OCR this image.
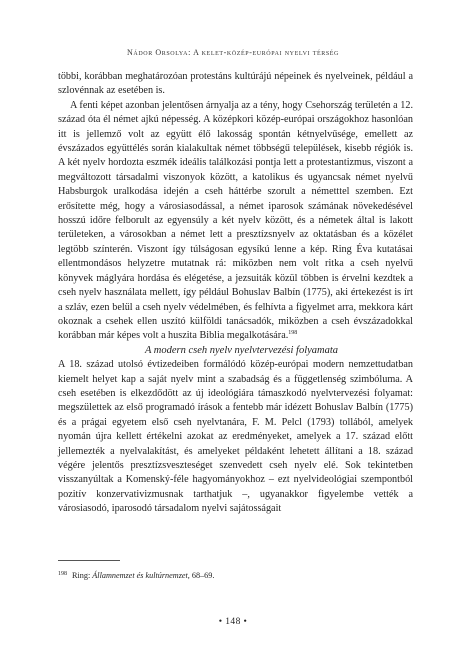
Nádor Orsolya: A kelet-közép-európai nyelvi térség

többi, korábban meghatározóan protestáns kultúrájú népeinek és nyelveinek, például a szlovénnak az esetében is.

A fenti képet azonban jelentősen árnyalja az a tény, hogy Csehország területén a 12. század óta él német ajkú népesség. A középkori közép-európai országokhoz hasonlóan itt is jellemző volt az együtt élő lakosság spontán kétnyelvűsége, emellett az évszázados együttélés során kialakultak német többségű települések, kisebb régiók is. A két nyelv hordozta eszmék ideális találkozási pontja lett a protestantizmus, viszont a megváltozott társadalmi viszonyok között, a katolikus és ugyancsak német nyelvű Habsburgok uralkodása idején a cseh háttérbe szorult a németttel szemben. Ezt erősítette még, hogy a városiasodással, a német iparosok számának növekedésével hosszú időre felborult az egyensúly a két nyelv között, és a németek által is lakott területeken, a városokban a német lett a presztízsnyelv az oktatásban és a közélet legtöbb színterén. Viszont így túlságosan egysíkú lenne a kép. Ring Éva kutatásai ellentmondásos helyzetre mutatnak rá: miközben nem volt ritka a cseh nyelvű könyvek máglyára hordása és elégetése, a jezsuiták közül többen is érvelni kezdtek a cseh nyelv használata mellett, így például Bohuslav Balbín (1775), aki értekezést is írt a szláv, ezen belül a cseh nyelv védelmében, és felhívta a figyelmet arra, mekkora kárt okoznak a csehek ellen uszító külföldi tanácsadók, miközben a cseh évszázadokkal korábban már képes volt a huszita Biblia megalkotására.$^{198}$

A modern cseh nyelv nyelvtervezési folyamata

A 18. század utolsó évtizedeiben formálódó közép-európai modern nemzettudatban kiemelt helyet kap a saját nyelv mint a szabadság és a függetlenség szimbóluma. A cseh esetében is elkezdődött az új ideológiára támaszkodó nyelvtervezési folyamat: megszülettek az első programadó írások a fentebb már idézett Bohuslav Balbín (1775) és a prágai egyetem első cseh nyelvtanára, F. M. Pelcl (1793) tollából, amelyek nyomán újra kellett értékelni azokat az eredményeket, amelyek a 17. század előtt jellemezték a nyelvalakítást, és amelyeket példaként lehetett állítani a 18. század végére jelentős presztízsveszteséget szenvedett cseh nyelv elé. Sok tekintetben visszanyúltak a Komenský-féle hagyományokhoz – ezt nyelvideológiai szempontból pozitív konzervativizmusnak tarthatjuk –, ugyanakkor figyelembe vették a városiasodó, iparosodó társadalom nyelvi sajátosságait

$^{198}$ Ring: Államnemzet és kultúrnemzet, 68–69.
• 148 •
